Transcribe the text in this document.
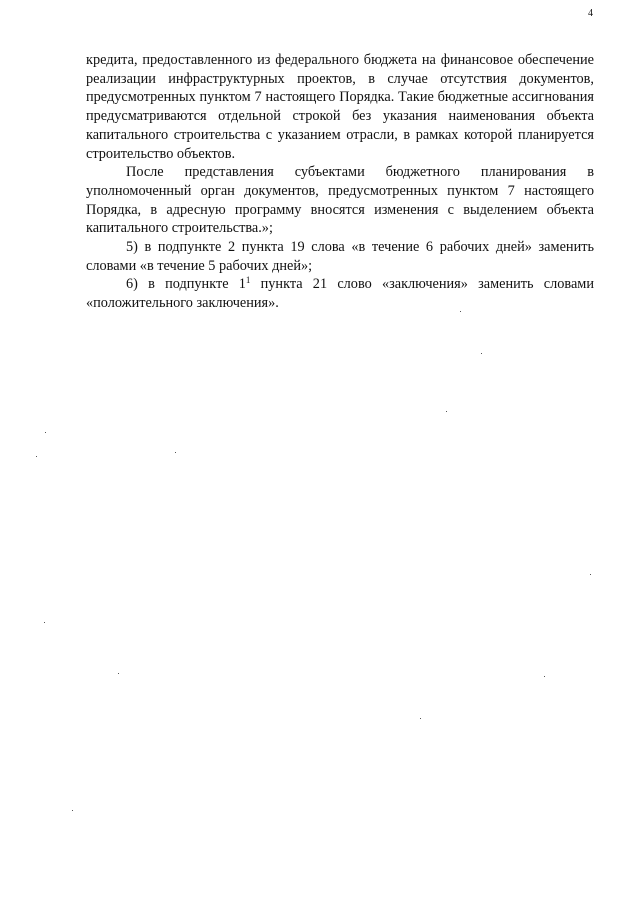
4

кредита, предоставленного из федерального бюджета на финансовое обеспечение реализации инфраструктурных проектов, в случае отсутствия документов, предусмотренных пунктом 7 настоящего Порядка. Такие бюджетные ассигнования предусматриваются отдельной строкой без указания наименования объекта капитального строительства с указанием отрасли, в рамках которой планируется строительство объектов.

После представления субъектами бюджетного планирования в уполномоченный орган документов, предусмотренных пунктом 7 настоящего Порядка, в адресную программу вносятся изменения с выделением объекта капитального строительства.»;

5) в подпункте 2 пункта 19 слова «в течение 6 рабочих дней» заменить словами «в течение 5 рабочих дней»;

6) в подпункте $1^1$ пункта 21 слово «заключения» заменить словами «положительного заключения».
